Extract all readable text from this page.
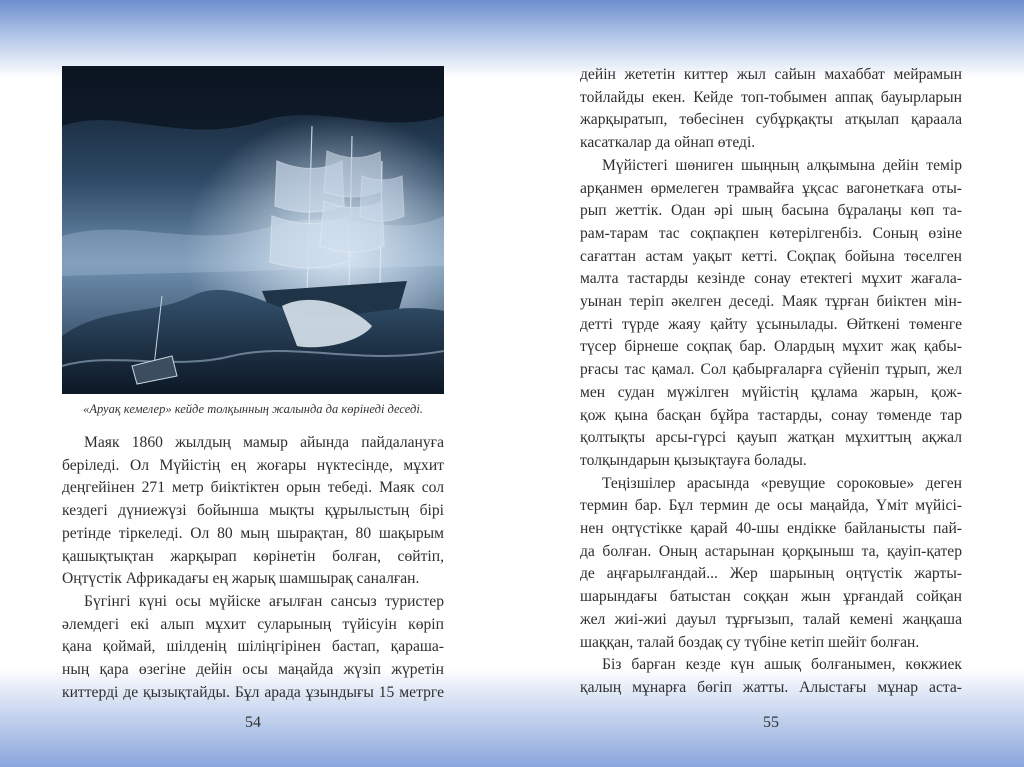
«Аруақ кемелер» кейде толқынның жалында да көрінеді деседі.
Маяк 1860 жылдың мамыр айында пайдалануға
беріледі. Ол Мүйістің ең жоғары нүктесінде, мұхит
деңгейінен 271 метр биіктіктен орын тебеді. Маяк сол
кездегі дүниежүзі бойынша мықты құрылыстың бірі
ретінде тіркеледі. Ол 80 мың шырақтан, 80 шақырым
қашықтықтан жарқырап көрінетін болған, сөйтіп,
Оңтүстік Африкадағы ең жарық шамшырақ саналған.
Бүгінгі күні осы мүйіске ағылған сансыз туристер
әлемдегі екі алып мұхит суларының түйісуін көріп
қана қоймай, шілденің шіліңгірінен бастап, қараша-
ның қара өзегіне дейін осы маңайда жүзіп жүретін
киттерді де қызықтайды. Бұл арада ұзындығы 15 метрге
54
дейін жететін киттер жыл сайын махаббат мейрамын
тойлайды екен. Кейде топ-тобымен аппақ бауырларын
жарқыратып, төбесінен субұрқақты атқылап қараала
касаткалар да ойнап өтеді.
Мүйістегі шөниген шыңның алқымына дейін темір
арқанмен өрмелеген трамвайға ұқсас вагонеткаға оты-
рып жеттік. Одан әрі шың басына бұралаңы көп та-
рам-тарам тас соқпақпен көтерілгенбіз. Соның өзіне
сағаттан астам уақыт кетті. Соқпақ бойына төселген
малта тастарды кезінде сонау етектегі мұхит жағала-
уынан теріп әкелген деседі. Маяк тұрған биіктен мін-
детті түрде жаяу қайту ұсынылады. Өйткені төменге
түсер бірнеше соқпақ бар. Олардың мұхит жақ қабы-
рғасы тас қамал. Сол қабырғаларға сүйеніп тұрып, жел
мен судан мүжілген мүйістің құлама жарын, қож-
қож қына басқан бұйра тастарды, сонау төменде тар
қолтықты арсы-гүрсі қауып жатқан мұхиттың ақжал
толқындарын қызықтауға болады.
Теңізшілер арасында «ревущие сороковые» деген
термин бар. Бұл термин де осы маңайда, Үміт мүйісі-
нен оңтүстікке қарай 40-шы ендікке байланысты пай-
да болған. Оның астарынан қорқыныш та, қауіп-қатер
де аңғарылғандай... Жер шарының оңтүстік жарты-
шарындағы батыстан соққан жын ұрғандай сойқан
жел жиі-жиі дауыл тұрғызып, талай кемені жаңқаша
шаққан, талай боздақ су түбіне кетіп шейіт болған.
Біз барған кезде күн ашық болғанымен, көкжиек
қалың мұнарға бөгіп жатты. Алыстағы мұнар аста-
55
